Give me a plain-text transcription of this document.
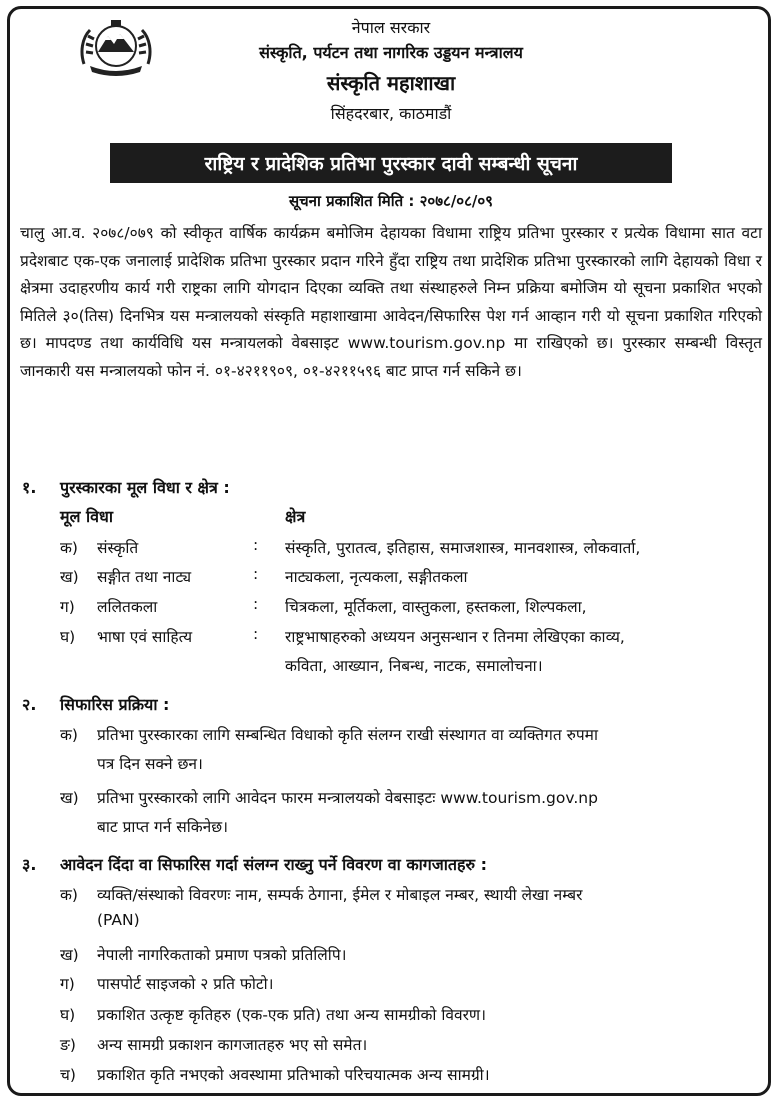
नेपाल सरकार
संस्कृति, पर्यटन तथा नागरिक उड्डयन मन्त्रालय
संस्कृति महाशाखा
सिंहदरबार, काठमाडौं
राष्ट्रिय र प्रादेशिक प्रतिभा पुरस्कार दावी सम्बन्धी सूचना
सूचना प्रकाशित मिति : २०७८/०८/०९
चालु आ.व. २०७८/०७९ को स्वीकृत वार्षिक कार्यक्रम बमोजिम देहायका विधामा राष्ट्रिय प्रतिभा पुरस्कार र प्रत्येक विधामा सात वटा प्रदेशबाट एक-एक जनालाई प्रादेशिक प्रतिभा पुरस्कार प्रदान गरिने हुँदा राष्ट्रिय तथा प्रादेशिक प्रतिभा पुरस्कारको लागि देहायको विधा र क्षेत्रमा उदाहरणीय कार्य गरी राष्ट्रका लागि योगदान दिएका व्यक्ति तथा संस्थाहरुले निम्न प्रक्रिया बमोजिम यो सूचना प्रकाशित भएको मितिले ३०(तिस) दिनभित्र यस मन्त्रालयको संस्कृति महाशाखामा आवेदन/सिफारिस पेश गर्न आव्हान गरी यो सूचना प्रकाशित गरिएको छ। मापदण्ड तथा कार्यविधि यस मन्त्रायलको वेबसाइट www.tourism.gov.np मा राखिएको छ। पुरस्कार सम्बन्धी विस्तृत जानकारी यस मन्त्रालयको फोन नं. ०१-४२११९०९, ०१-४२११५९६ बाट प्राप्त गर्न सकिने छ।
१. पुरस्कारका मूल विधा र क्षेत्र :
मूल विधा	क्षेत्र
क) संस्कृति	: संस्कृति, पुरातत्व, इतिहास, समाजशास्त्र, मानवशास्त्र, लोकवार्ता,
ख) सङ्गीत तथा नाट्य	: नाट्यकला, नृत्यकला, सङ्गीतकला
ग) ललितकला	: चित्रकला, मूर्तिकला, वास्तुकला, हस्तकला, शिल्पकला,
घ) भाषा एवं साहित्य	: राष्ट्रभाषाहरुको अध्ययन अनुसन्धान र तिनमा लेखिएका काव्य,
कविता, आख्यान, निबन्ध, नाटक, समालोचना।
२. सिफारिस प्रक्रिया :
क) प्रतिभा पुरस्कारका लागि सम्बन्धित विधाको कृति संलग्न राखी संस्थागत वा व्यक्तिगत रुपमा
पत्र दिन सक्ने छन।
ख) प्रतिभा पुरस्कारको लागि आवेदन फारम मन्त्रालयको वेबसाइटः www.tourism.gov.np
बाट प्राप्त गर्न सकिनेछ।
३. आवेदन दिंदा वा सिफारिस गर्दा संलग्न राख्नु पर्ने विवरण वा कागजातहरु :
क) व्यक्ति/संस्थाको विवरणः नाम, सम्पर्क ठेगाना, ईमेल र मोबाइल नम्बर, स्थायी लेखा नम्बर
(PAN)
ख) नेपाली नागरिकताको प्रमाण पत्रको प्रतिलिपि।
ग) पासपोर्ट साइजको २ प्रति फोटो।
घ) प्रकाशित उत्कृष्ट कृतिहरु (एक-एक प्रति) तथा अन्य सामग्रीको विवरण।
ङ) अन्य सामग्री प्रकाशन कागजातहरु भए सो समेत।
च) प्रकाशित कृति नभएको अवस्थामा प्रतिभाको परिचयात्मक अन्य सामग्री।
